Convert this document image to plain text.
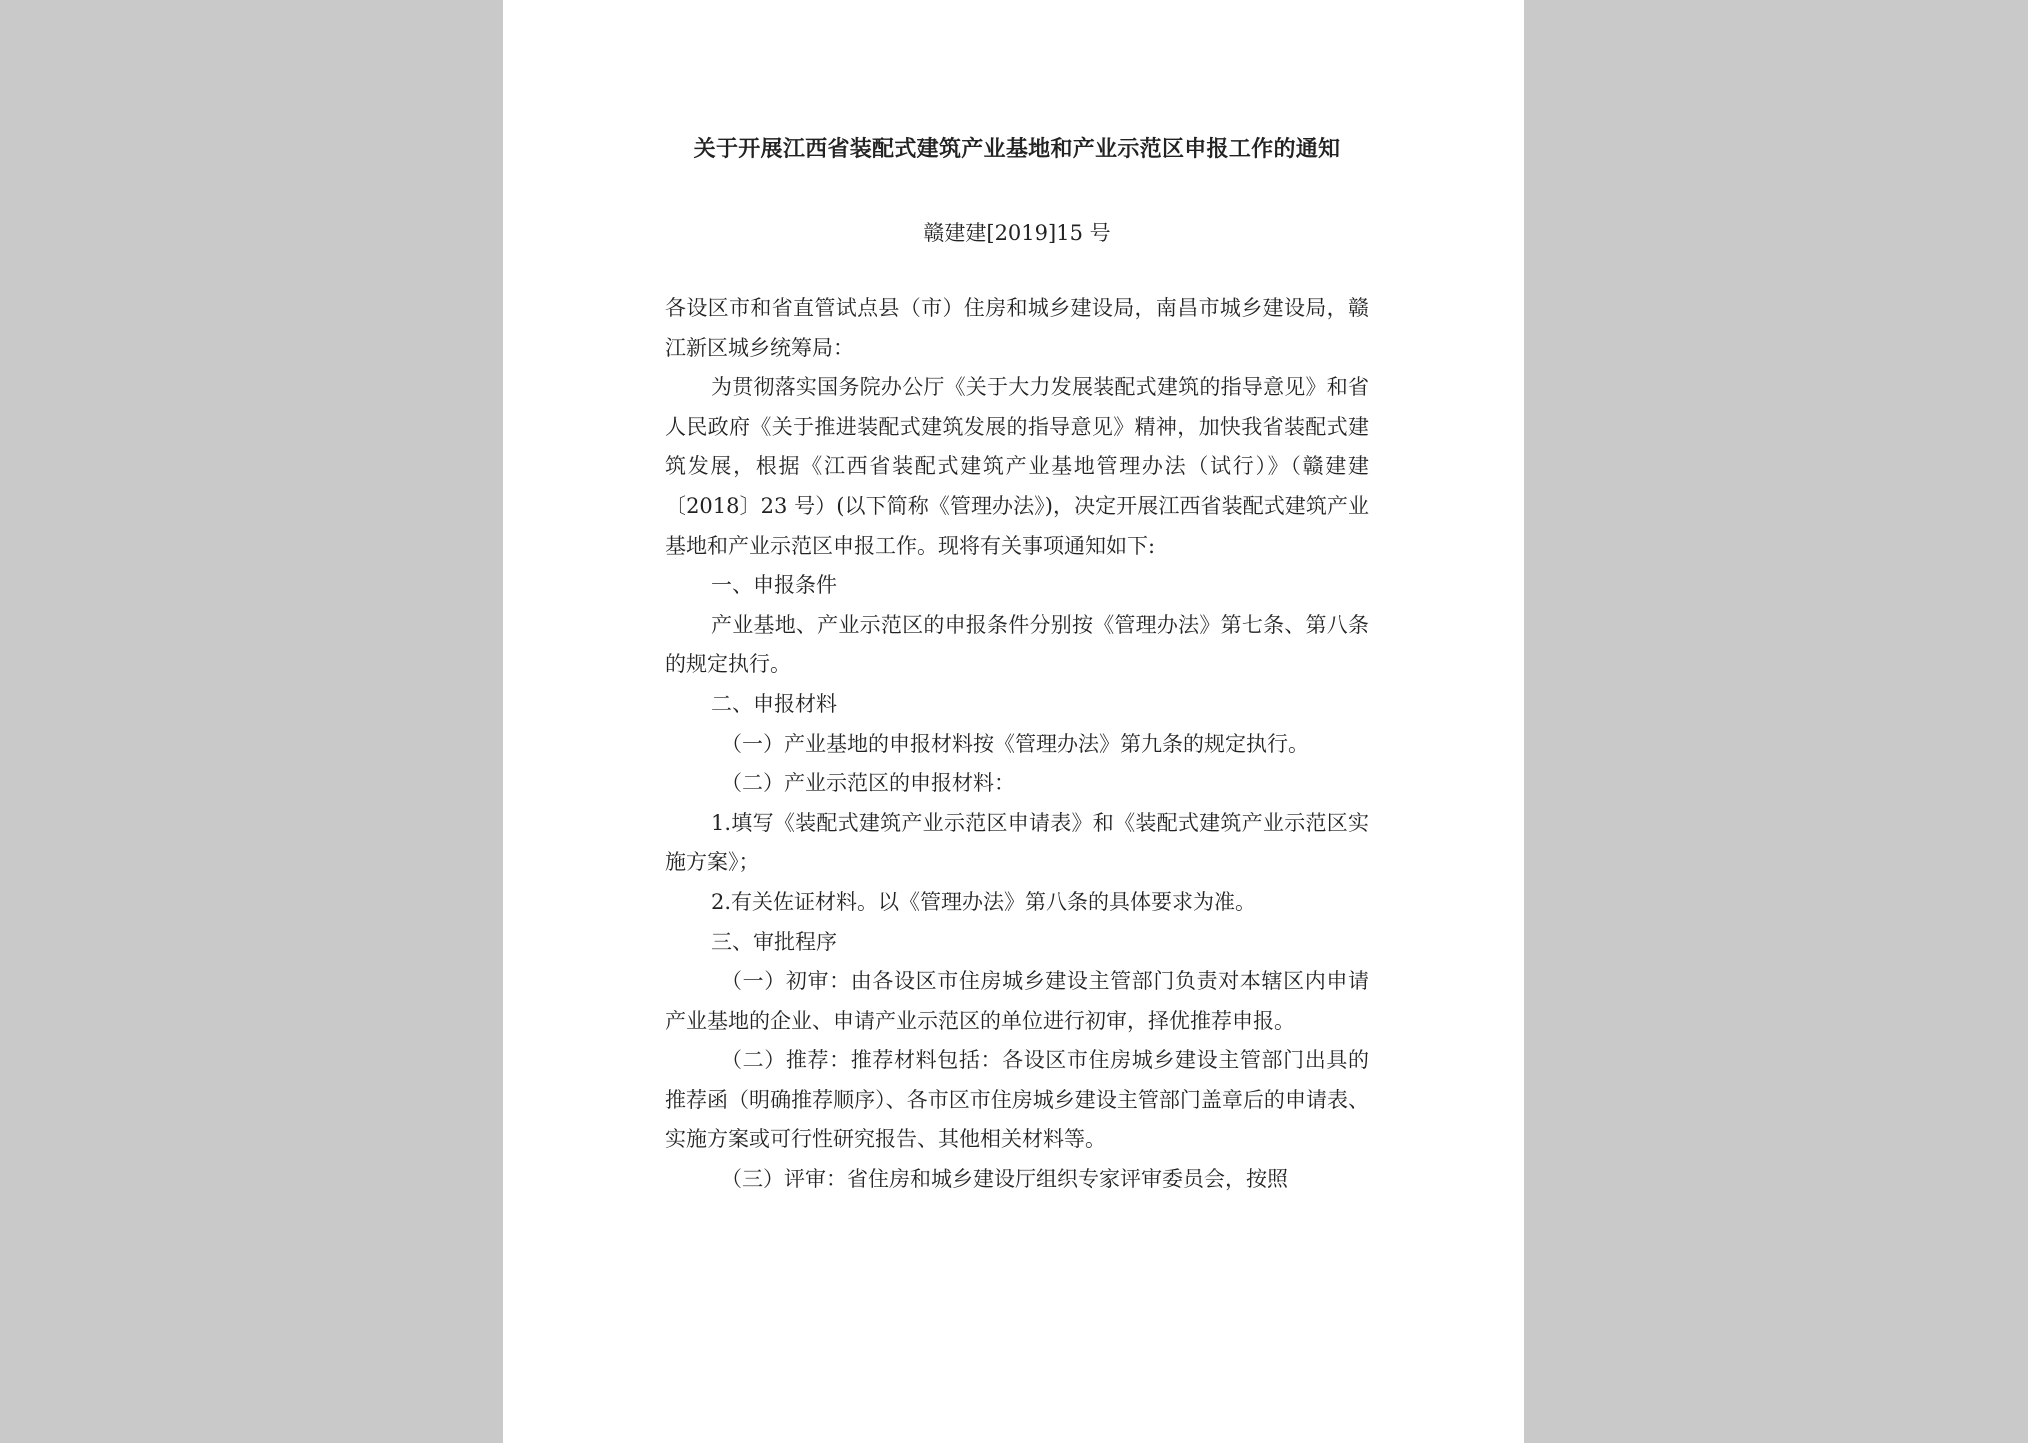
关于开展江西省装配式建筑产业基地和产业示范区申报工作的通知
赣建建[2019]15 号

各设区市和省直管试点县（市）住房和城乡建设局，南昌市城乡建设局，赣江新区城乡统筹局：

为贯彻落实国务院办公厅《关于大力发展装配式建筑的指导意见》和省人民政府《关于推进装配式建筑发展的指导意见》精神，加快我省装配式建筑发展，根据《江西省装配式建筑产业基地管理办法（试行）》（赣建建〔2018〕23 号）(以下简称《管理办法》)，决定开展江西省装配式建筑产业基地和产业示范区申报工作。现将有关事项通知如下:

一、申报条件

产业基地、产业示范区的申报条件分别按《管理办法》第七条、第八条的规定执行。

二、申报材料

（一）产业基地的申报材料按《管理办法》第九条的规定执行。

（二）产业示范区的申报材料：

1.填写《装配式建筑产业示范区申请表》和《装配式建筑产业示范区实施方案》；

2.有关佐证材料。以《管理办法》第八条的具体要求为准。

三、审批程序

（一）初审：由各设区市住房城乡建设主管部门负责对本辖区内申请产业基地的企业、申请产业示范区的单位进行初审，择优推荐申报。

（二）推荐：推荐材料包括：各设区市住房城乡建设主管部门出具的推荐函（明确推荐顺序）、各市区市住房城乡建设主管部门盖章后的申请表、实施方案或可行性研究报告、其他相关材料等。

（三）评审：省住房和城乡建设厅组织专家评审委员会，按照
